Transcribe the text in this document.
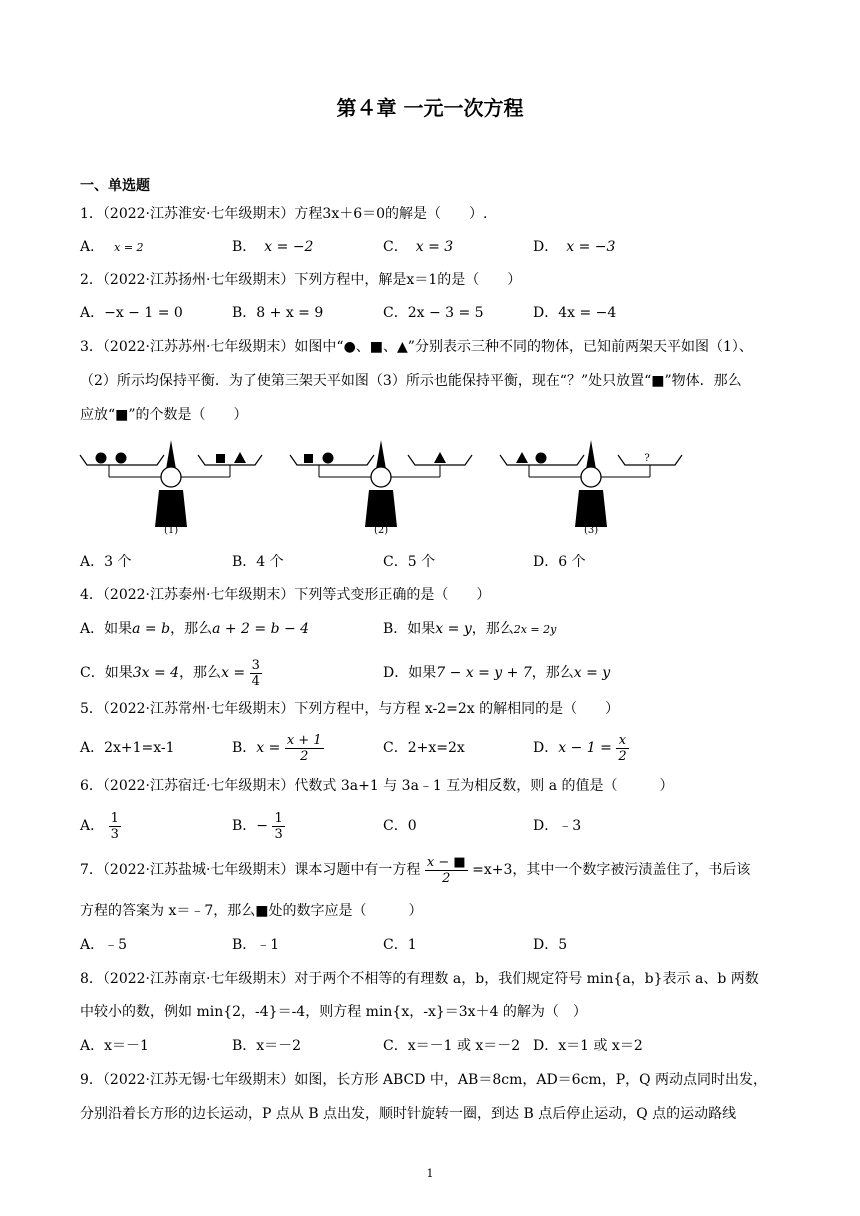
第４章 一元一次方程
一、单选题
1．（2022·江苏淮安·七年级期末）方程3x＋6＝0的解是（　　）.
A． x = 2	B． x = −2	C． x = 3	D． x = −3
2．（2022·江苏扬州·七年级期末）下列方程中，解是x＝1的是（　　）
A．−x − 1 = 0	B．8 + x = 9	C．2x − 3 = 5	D．4x = −4
3．（2022·江苏苏州·七年级期末）如图中“●、■、▲”分别表示三种不同的物体，已知前两架天平如图（1）、
（2）所示均保持平衡．为了使第三架天平如图（3）所示也能保持平衡，现在“？”处只放置“■”物体．那么
应放“■”的个数是（　　）
?
(1)	(2)	(3)
A．3 个	B．4 个	C．5 个	D．6 个
4．（2022·江苏泰州·七年级期末）下列等式变形正确的是（　　）
A．如果a = b，那么a + 2 = b − 4	B．如果x = y，那么2x = 2y
C．如果3x = 4，那么$x = \frac{3}{4}$	D．如果7 − x = y + 7，那么x = y
5．（2022·江苏常州·七年级期末）下列方程中，与方程 x-2=2x 的解相同的是（　　）
A．2x+1=x-1	B．$x = \frac{x + 1}{2}$	C．2+x=2x	D．$x - 1 = \frac{x}{2}$
6．（2022·江苏宿迁·七年级期末）代数式 3a+1 与 3a﹣1 互为相反数，则 a 的值是（　　　）
A． $\frac{1}{3}$	B．− $\frac{1}{3}$	C．0	D．﹣3
7．（2022·江苏盐城·七年级期末）课本习题中有一方程 $\frac{x - ■}{2} =x+3$，其中一个数字被污渍盖住了，书后该
方程的答案为 x＝﹣7，那么■处的数字应是（　　　）
A．﹣5	B．﹣1	C．1	D．5
8．（2022·江苏南京·七年级期末）对于两个不相等的有理数 a，b，我们规定符号 min{a，b}表示 a、b 两数
中较小的数，例如 min{2，-4}＝-4，则方程 min{x，-x}＝3x＋4 的解为（　）
A．x＝－1	B．x＝－2	C．x＝－1 或 x＝－2 D．x＝1 或 x＝2
9．（2022·江苏无锡·七年级期末）如图，长方形 ABCD 中，AB＝8cm，AD＝6cm，P，Q 两动点同时出发，
分别沿着长方形的边长运动，P 点从 B 点出发，顺时针旋转一圈，到达 B 点后停止运动，Q 点的运动路线
1
